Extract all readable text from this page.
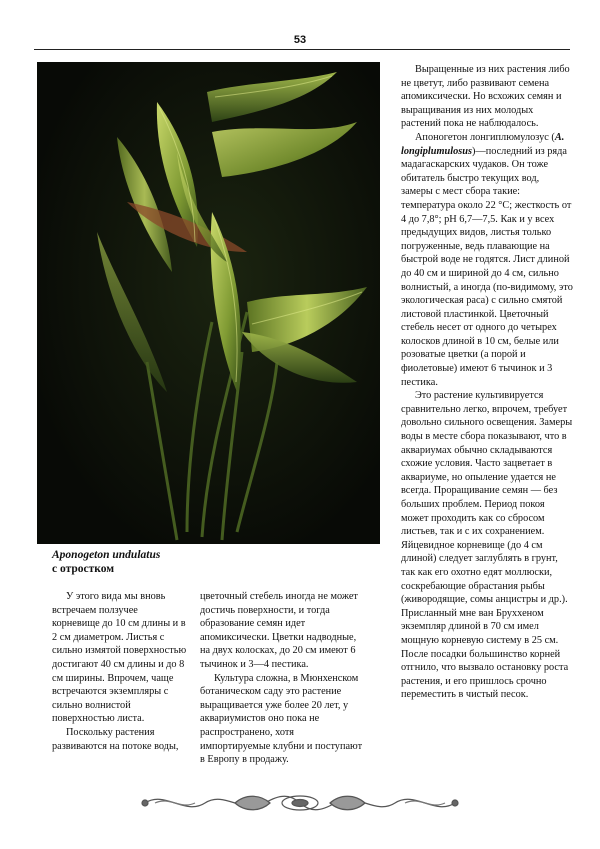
53
Aponogeton undulatus
с отростком

У этого вида мы вновь встречаем ползучее корневище до 10 см длины и в 2 см диаметром. Листья с сильно измятой поверхностью достигают 40 см длины и до 8 см ширины. Впрочем, чаще встречаются экземпляры с сильно волнистой поверхностью листа.

Поскольку растения развиваются на потоке воды,

цветочный стебель иногда не может достичь поверхности, и тогда образование семян идет апомиксически. Цветки надводные, на двух колосках, до 20 см имеют 6 тычинок и 3—4 пестика.

Культура сложна, в Мюнхенском ботаническом саду это растение выращивается уже более 20 лет, у аквариумистов оно пока не распространено, хотя импортируемые клубни и поступают в Европу в продажу.

Выращенные из них растения либо не цветут, либо развивают семена апомиксически. Но всхожих семян и выращивания из них молодых растений пока не наблюдалось.

Апоногетон лонгиплюмулозус (A. longiplumulosus)—последний из ряда мадагаскарских чудаков. Он тоже обитатель быстро текущих вод, замеры с мест сбора такие: температура около 22 °С; жесткость от 4 до 7,8°; рН 6,7—7,5. Как и у всех предыдущих видов, листья только погруженные, ведь плавающие на быстрой воде не годятся. Лист длиной до 40 см и шириной до 4 см, сильно волнистый, а иногда (по-видимому, это экологическая раса) с сильно смятой листовой пластинкой. Цветочный стебель несет от одного до четырех колосков длиной в 10 см, белые или розоватые цветки (а порой и фиолетовые) имеют 6 тычинок и 3 пестика.

Это растение культивируется сравнительно легко, впрочем, требует довольно сильного освещения. Замеры воды в месте сбора показывают, что в аквариумах обычно складываются схожие условия. Часто зацветает в аквариуме, но опыление удается не всегда. Проращивание семян — без больших проблем. Период покоя может проходить как со сбросом листьев, так и с их сохранением. Яйцевидное корневище (до 4 см длиной) следует заглублять в грунт, так как его охотно едят моллюски, соскребающие обрастания рыбы (живородящие, сомы анцистры и др.). Присланный мне ван Бруххеном экземпляр длиной в 70 см имел мощную корневую систему в 25 см. После посадки большинство корней отгнило, что вызвало остановку роста растения, и его пришлось срочно переместить в чистый песок.
